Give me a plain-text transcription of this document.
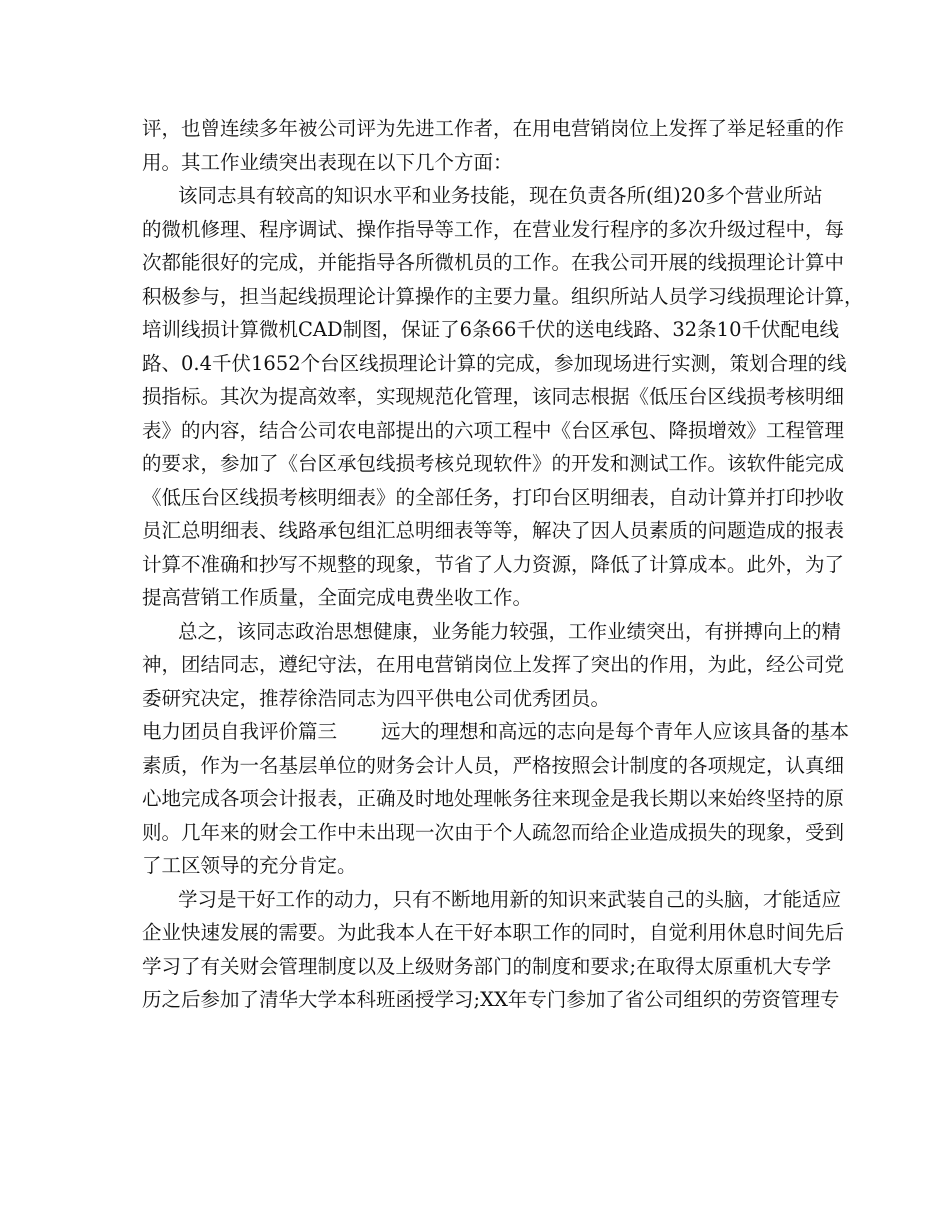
评，也曾连续多年被公司评为先进工作者，在用电营销岗位上发挥了举足轻重的作
用。其工作业绩突出表现在以下几个方面：
该同志具有较高的知识水平和业务技能，现在负责各所(组)20多个营业所站
的微机修理、程序调试、操作指导等工作，在营业发行程序的多次升级过程中，每
次都能很好的完成，并能指导各所微机员的工作。在我公司开展的线损理论计算中
积极参与，担当起线损理论计算操作的主要力量。组织所站人员学习线损理论计算，
培训线损计算微机CAD制图，保证了6条66千伏的送电线路、32条10千伏配电线
路、0.4千伏1652个台区线损理论计算的完成，参加现场进行实测，策划合理的线
损指标。其次为提高效率，实现规范化管理，该同志根据《低压台区线损考核明细
表》的内容，结合公司农电部提出的六项工程中《台区承包、降损增效》工程管理
的要求，参加了《台区承包线损考核兑现软件》的开发和测试工作。该软件能完成
《低压台区线损考核明细表》的全部任务，打印台区明细表，自动计算并打印抄收
员汇总明细表、线路承包组汇总明细表等等，解决了因人员素质的问题造成的报表
计算不准确和抄写不规整的现象，节省了人力资源，降低了计算成本。此外，为了
提高营销工作质量，全面完成电费坐收工作。
总之，该同志政治思想健康，业务能力较强，工作业绩突出，有拼搏向上的精
神，团结同志，遵纪守法，在用电营销岗位上发挥了突出的作用，为此，经公司党
委研究决定，推荐徐浩同志为四平供电公司优秀团员。
电力团员自我评价篇三 远大的理想和高远的志向是每个青年人应该具备的基本
素质，作为一名基层单位的财务会计人员，严格按照会计制度的各项规定，认真细
心地完成各项会计报表，正确及时地处理帐务往来现金是我长期以来始终坚持的原
则。几年来的财会工作中未出现一次由于个人疏忽而给企业造成损失的现象，受到
了工区领导的充分肯定。
学习是干好工作的动力，只有不断地用新的知识来武装自己的头脑，才能适应
企业快速发展的需要。为此我本人在干好本职工作的同时，自觉利用休息时间先后
学习了有关财会管理制度以及上级财务部门的制度和要求;在取得太原重机大专学
历之后参加了清华大学本科班函授学习;XX年专门参加了省公司组织的劳资管理专
